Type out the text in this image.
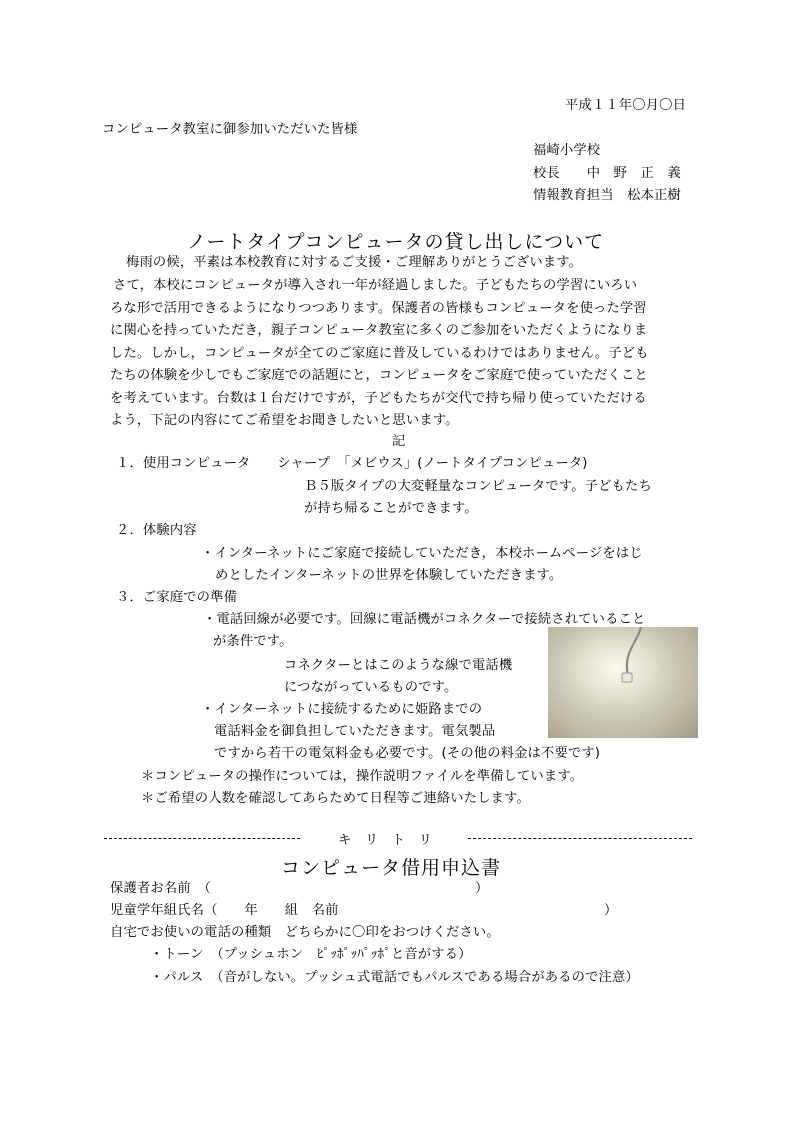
平成１１年〇月〇日
コンピュータ教室に御参加いただいた皆様
福崎小学校
校長　　中　野　正　義
情報教育担当　松本正樹
ノートタイプコンピュータの貸し出しについて
梅雨の候，平素は本校教育に対するご支援・ご理解ありがとうございます。
さて，本校にコンピュータが導入され一年が経過しました。子どもたちの学習にいろい
ろな形で活用できるようになりつつあります。保護者の皆様もコンピュータを使った学習
に関心を持っていただき，親子コンピュータ教室に多くのご参加をいただくようになりま
した。しかし，コンピュータが全てのご家庭に普及しているわけではありません。子ども
たちの体験を少しでもご家庭での話題にと，コンピュータをご家庭で使っていただくこと
を考えています。台数は１台だけですが，子どもたちが交代で持ち帰り使っていただける
よう，下記の内容にてご希望をお聞きしたいと思います。
記
１．使用コンピュータ　　シャープ　「メビウス」(ノートタイプコンピュータ)
Ｂ５版タイプの大変軽量なコンピュータです。子どもたち
が持ち帰ることができます。
２．体験内容
・インターネットにご家庭で接続していただき，本校ホームページをはじ
めとしたインターネットの世界を体験していただきます。
３．ご家庭での準備
・電話回線が必要です。回線に電話機がコネクターで接続されていること
が条件です。
コネクターとはこのような線で電話機
につながっているものです。
・インターネットに接続するために姫路までの
電話料金を御負担していただきます。電気製品
ですから若干の電気料金も必要です。(その他の料金は不要です)
＊コンピュータの操作については，操作説明ファイルを準備しています。
＊ご希望の人数を確認してあらためて日程等ご連絡いたします。
キ　リ　ト　リ
コンピュータ借用申込書
保護者お名前　（	）
児童学年組氏名（　　年　　組　名前	）
自宅でお使いの電話の種類　どちらかに〇印をおつけください。
・トーン　（プッシュホン　ﾋﾟｯﾎﾟｯﾊﾟｯﾎﾟと音がする）
・パルス　（音がしない。プッシュ式電話でもパルスである場合があるので注意）
